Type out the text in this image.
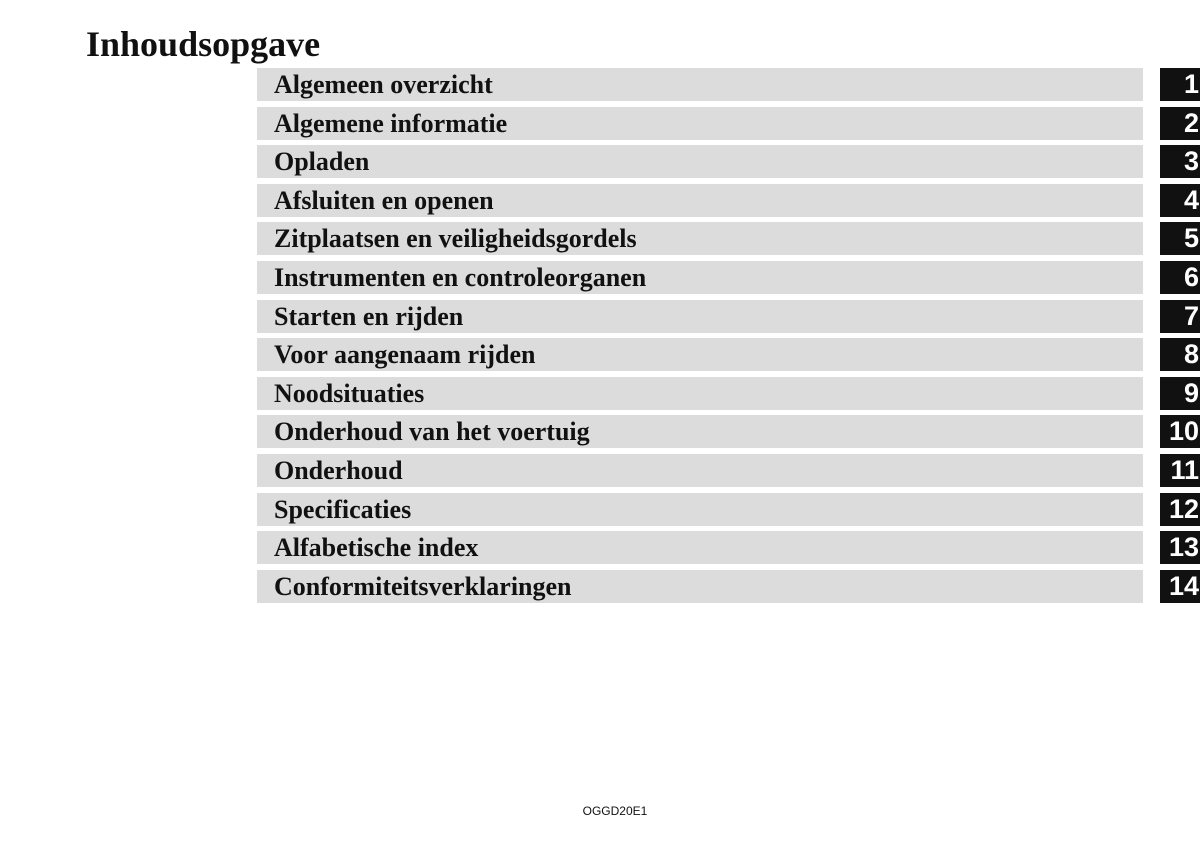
Inhoudsopgave
Algemeen overzicht	1
Algemene informatie	2
Opladen	3
Afsluiten en openen	4
Zitplaatsen en veiligheidsgordels	5
Instrumenten en controleorganen	6
Starten en rijden	7
Voor aangenaam rijden	8
Noodsituaties	9
Onderhoud van het voertuig	10
Onderhoud	11
Specificaties	12
Alfabetische index	13
Conformiteitsverklaringen	14
OGGD20E1
